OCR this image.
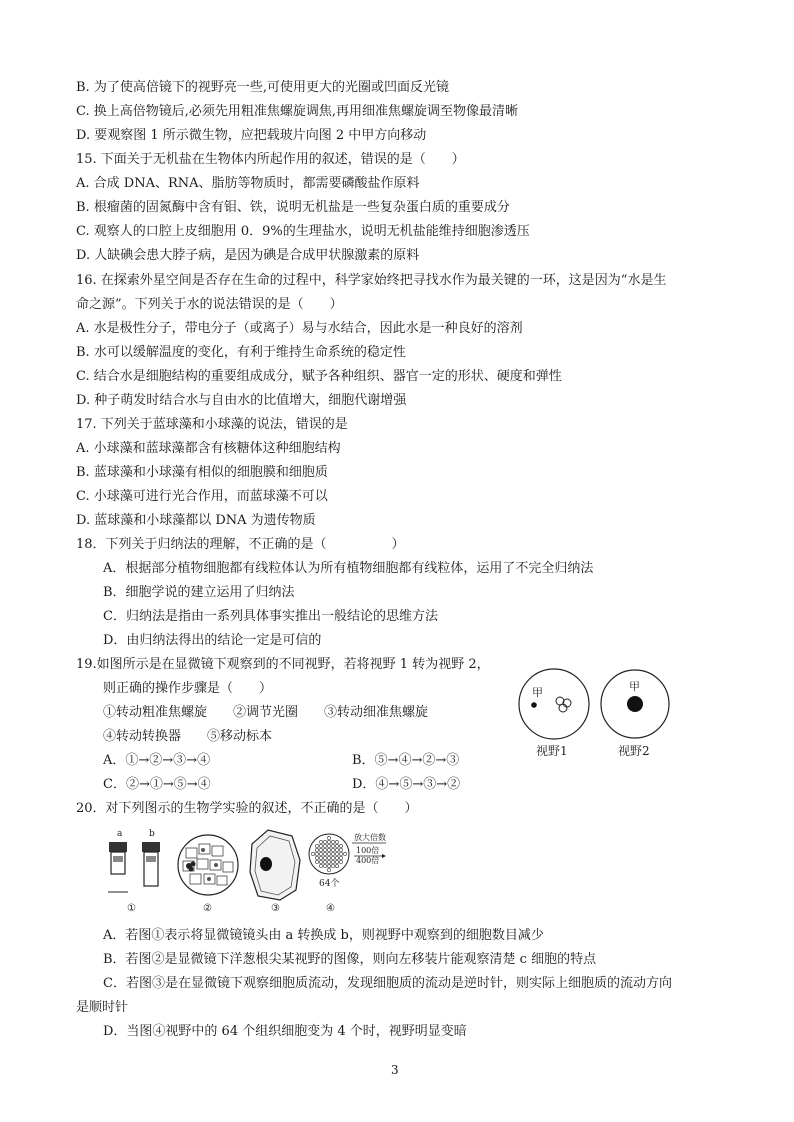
B. 为了使高倍镜下的视野亮一些,可使用更大的光圈或凹面反光镜
C. 换上高倍物镜后,必须先用粗准焦螺旋调焦,再用细准焦螺旋调至物像最清晰
D. 要观察图 1 所示微生物，应把载玻片向图 2 中甲方向移动
15. 下面关于无机盐在生物体内所起作用的叙述，错误的是（　　）
A. 合成 DNA、RNA、脂肪等物质时，都需要磷酸盐作原料
B. 根瘤菌的固氮酶中含有钼、铁，说明无机盐是一些复杂蛋白质的重要成分
C. 观察人的口腔上皮细胞用 0．9%的生理盐水，说明无机盐能维持细胞渗透压
D. 人缺碘会患大脖子病，是因为碘是合成甲状腺激素的原料
16. 在探索外星空间是否存在生命的过程中，科学家始终把寻找水作为最关键的一环，这是因为“水是生
命之源”。下列关于水的说法错误的是（　　）
A. 水是极性分子，带电分子（或离子）易与水结合，因此水是一种良好的溶剂
B. 水可以缓解温度的变化，有利于维持生命系统的稳定性
C. 结合水是细胞结构的重要组成成分，赋予各种组织、器官一定的形状、硬度和弹性
D. 种子萌发时结合水与自由水的比值增大，细胞代谢增强
17. 下列关于蓝球藻和小球藻的说法，错误的是
A. 小球藻和蓝球藻都含有核糖体这种细胞结构
B. 蓝球藻和小球藻有相似的细胞膜和细胞质
C. 小球藻可进行光合作用，而蓝球藻不可以
D. 蓝球藻和小球藻都以 DNA 为遗传物质
18．下列关于归纳法的理解，不正确的是（　　　　　）
A．根据部分植物细胞都有线粒体认为所有植物细胞都有线粒体，运用了不完全归纳法
B．细胞学说的建立运用了归纳法
C．归纳法是指由一系列具体事实推出一般结论的思维方法
D．由归纳法得出的结论一定是可信的
19.如图所示是在显微镜下观察到的不同视野，若将视野 1 转为视野 2，
则正确的操作步骤是（　　）
①转动粗准焦螺旋　　②调节光圈　　③转动细准焦螺旋
④转动转换器　　⑤移动标本
A．①→②→③→④	B．⑤→④→②→③
C．②→①→⑤→④	D．④→⑤→③→②
甲	甲
视野1	视野2
20．对下列图示的生物学实验的叙述，不正确的是（　　）
a	b
①	②	③
放大倍数
100倍
400倍
64个
④
A．若图①表示将显微镜镜头由 a 转换成 b，则视野中观察到的细胞数目减少
B．若图②是显微镜下洋葱根尖某视野的图像，则向左移装片能观察清楚 c 细胞的特点
C．若图③是在显微镜下观察细胞质流动，发现细胞质的流动是逆时针，则实际上细胞质的流动方向
是顺时针
D．当图④视野中的 64 个组织细胞变为 4 个时，视野明显变暗
3
